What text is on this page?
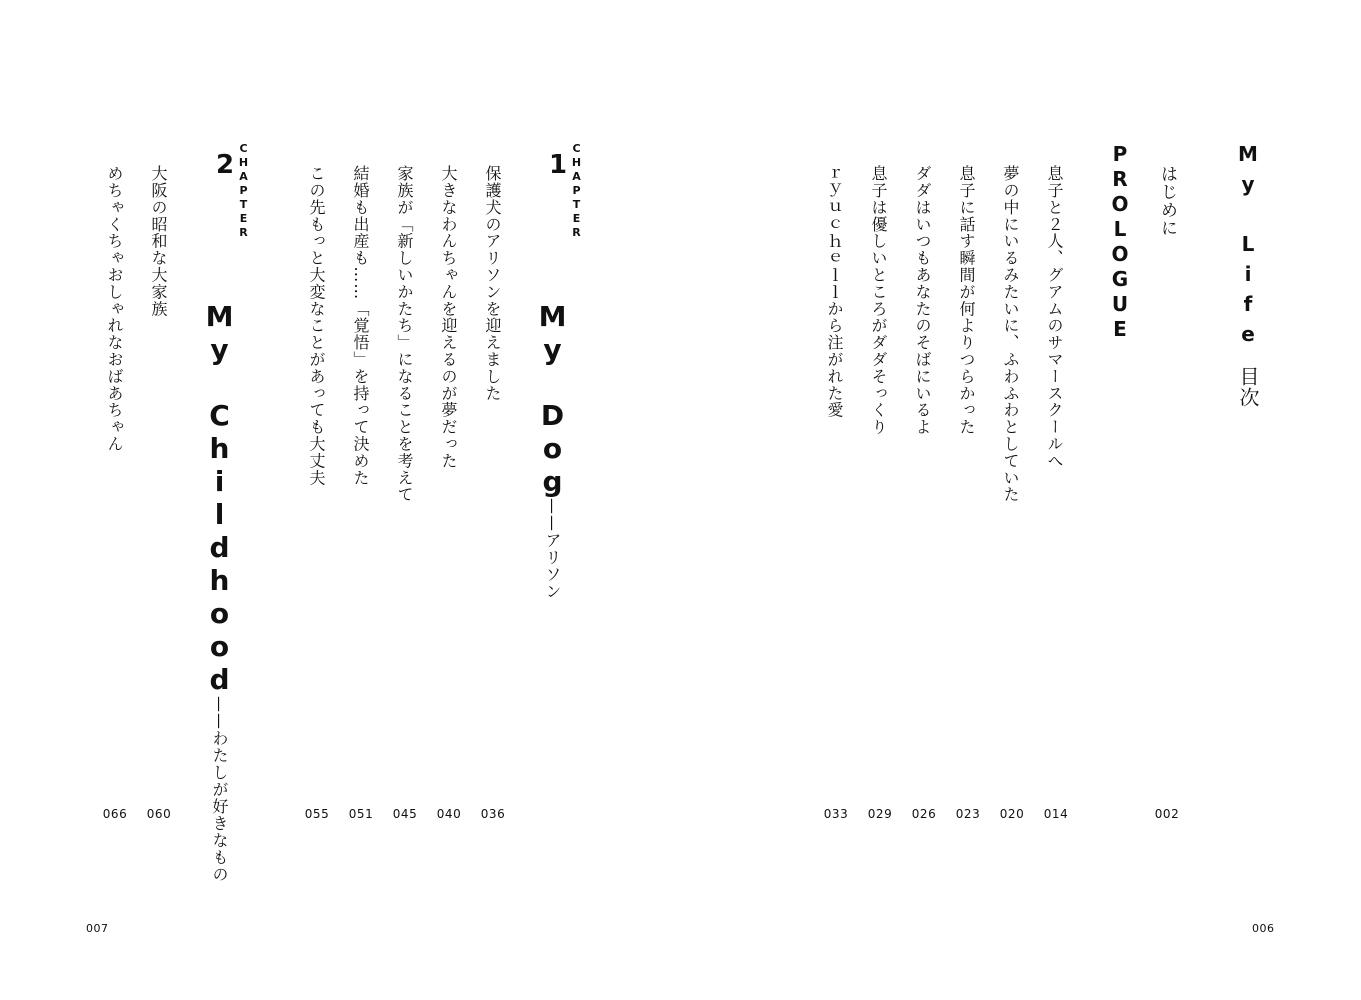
My Life目次
はじめに
002
PROLOGUE
息子と２人、グアムのサマースクールへ
夢の中にいるみたいに、ふわふわとしていた
息子に話す瞬間が何よりつらかった
ダダはいつもあなたのそばにいるよ
息子は優しいところがダダそっくり
ｒｙｕｃｈｅｌｌから注がれた愛
014
020
023
026
029
033
006
CHAPTER
1
My Dog——アリソン
保護犬のアリソンを迎えました
大きなわんちゃんを迎えるのが夢だった
家族が「新しいかたち」になることを考えて
結婚も出産も……「覚悟」を持って決めた
この先もっと大変なことがあっても大丈夫
036
040
045
051
055
CHAPTER
2
My Childhood——わたしが好きなもの
大阪の昭和な大家族
めちゃくちゃおしゃれなおばあちゃん
060
066
007
